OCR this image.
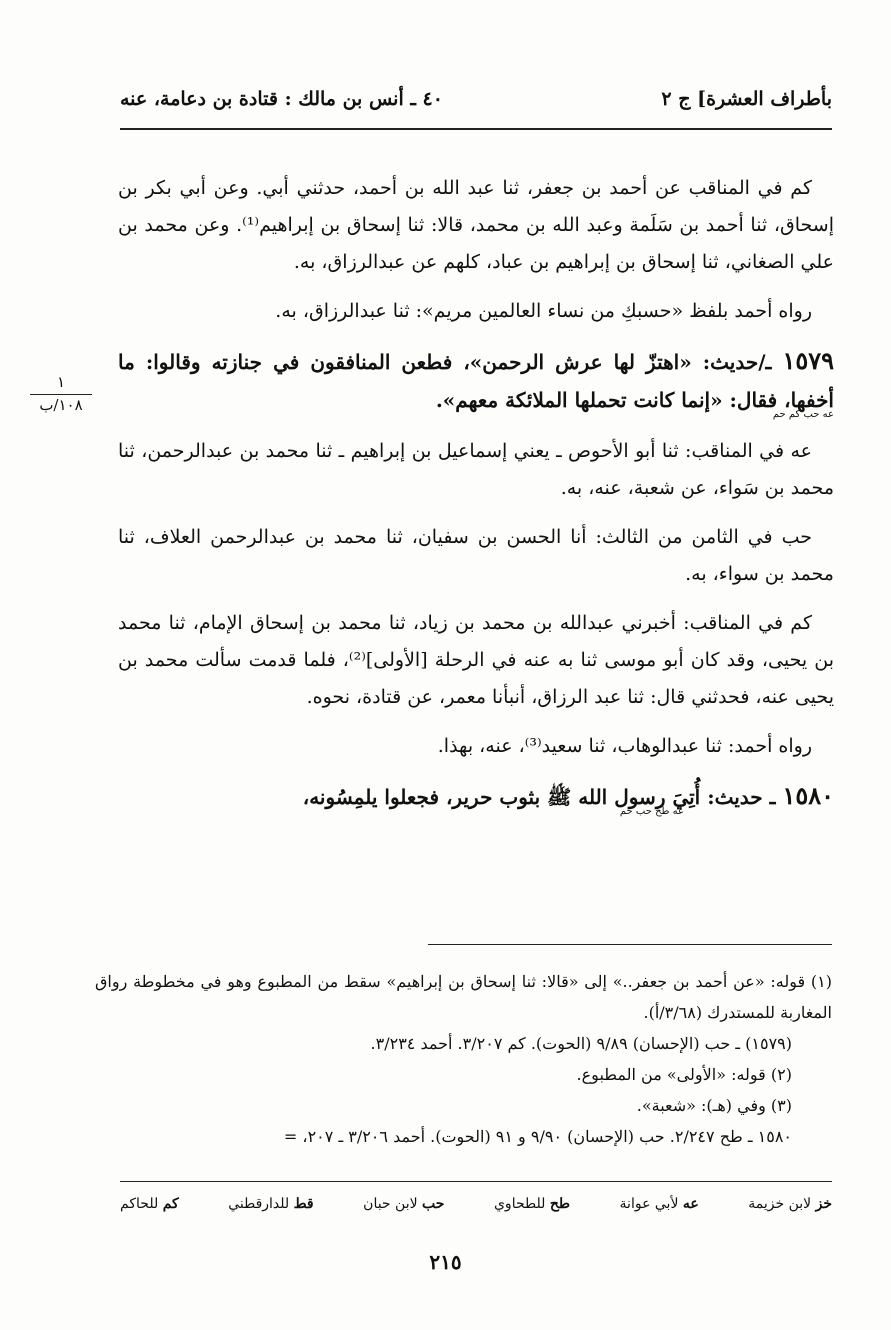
بأطراف العشرة] ج ٢
٤٠ ـ أنس بن مالك : قتادة بن دعامة، عنه
١
١٠٨/ب

كم في المناقب عن أحمد بن جعفر، ثنا عبد الله بن أحمد، حدثني أبي. وعن أبي بكر بن إسحاق، ثنا أحمد بن سَلَمة وعبد الله بن محمد، قالا: ثنا إسحاق بن إبراهيم⁽¹⁾. وعن محمد بن علي الصغاني، ثنا إسحاق بن إبراهيم بن عباد، كلهم عن عبدالرزاق، به.

رواه أحمد بلفظ «حسبكِ من نساء العالمين مريم»: ثنا عبدالرزاق، به.

١٥٧٩ ـ/حديث: «اهتزّ لها عرش الرحمن»، فطعن المنافقون في جنازته وقالوا: ما أخفها، فقال: «إنما كانت تحملها الملائكة معهم».
عه حب كم حم

عه في المناقب: ثنا أبو الأحوص ـ يعني إسماعيل بن إبراهيم ـ ثنا محمد بن عبدالرحمن، ثنا محمد بن سَواء، عن شعبة، عنه، به.

حب في الثامن من الثالث: أنا الحسن بن سفيان، ثنا محمد بن عبدالرحمن العلاف، ثنا محمد بن سواء، به.

كم في المناقب: أخبرني عبدالله بن محمد بن زياد، ثنا محمد بن إسحاق الإمام، ثنا محمد بن يحيى، وقد كان أبو موسى ثنا به عنه في الرحلة [الأولى]⁽²⁾، فلما قدمت سألت محمد بن يحيى عنه، فحدثني قال: ثنا عبد الرزاق، أنبأنا معمر، عن قتادة، نحوه.

رواه أحمد: ثنا عبدالوهاب، ثنا سعيد⁽³⁾، عنه، بهذا.

١٥٨٠ ـ حديث: أُتِيَ رسول الله ﷺ بثوب حرير، فجعلوا يلمِسُونه،
عه طح حب حم

(١) قوله: «عن أحمد بن جعفر..» إلى «قالا: ثنا إسحاق بن إبراهيم» سقط من المطبوع وهو في مخطوطة رواق المغاربة للمستدرك (٣/٦٨/أ).

(١٥٧٩) ـ حب (الإحسان) ٩/٨٩ (الحوت). كم ٣/٢٠٧. أحمد ٣/٢٣٤.

(٢) قوله: «الأولى» من المطبوع.

(٣) وفي (هـ): «شعبة».

١٥٨٠ ـ طح ٢/٢٤٧. حب (الإحسان) ٩/٩٠ و ٩١ (الحوت). أحمد ٣/٢٠٦ ـ ٢٠٧، =

خز لابن خزيمة
عه لأبي عوانة
طح للطحاوي
حب لابن حبان
قط للدارقطني
كم للحاكم
٢١٥
